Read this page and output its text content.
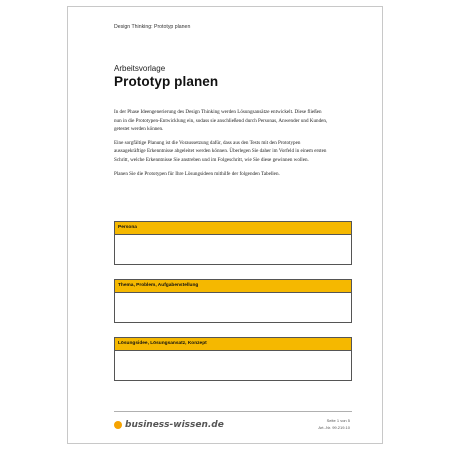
Design Thinking: Prototyp planen
Arbeitsvorlage
Prototyp planen

In der Phase Ideengenerierung des Design Thinking werden Lösungsansätze entwickelt. Diese fließen nun in die Prototypen-Entwicklung ein, sodass sie anschließend durch Personas, Anwender und Kunden, getestet werden können.

Eine sorgfältige Planung ist die Voraussetzung dafür, dass aus den Tests mit den Prototypen aussagekräftige Erkenntnisse abgeleitet werden können. Überlegen Sie daher im Vorfeld in einem ersten Schritt, welche Erkenntnisse Sie anstreben und im Folgeschritt, wie Sie diese gewinnen wollen.

Planen Sie die Prototypen für Ihre Lösungsideen mithilfe der folgenden Tabellen.

Persona
Thema, Problem, Aufgabenstellung
Lösungsidee, Lösungsansatz, Konzept
business-wissen.de	Seite 1 von 5
Art.-Nr. 99.219.10
